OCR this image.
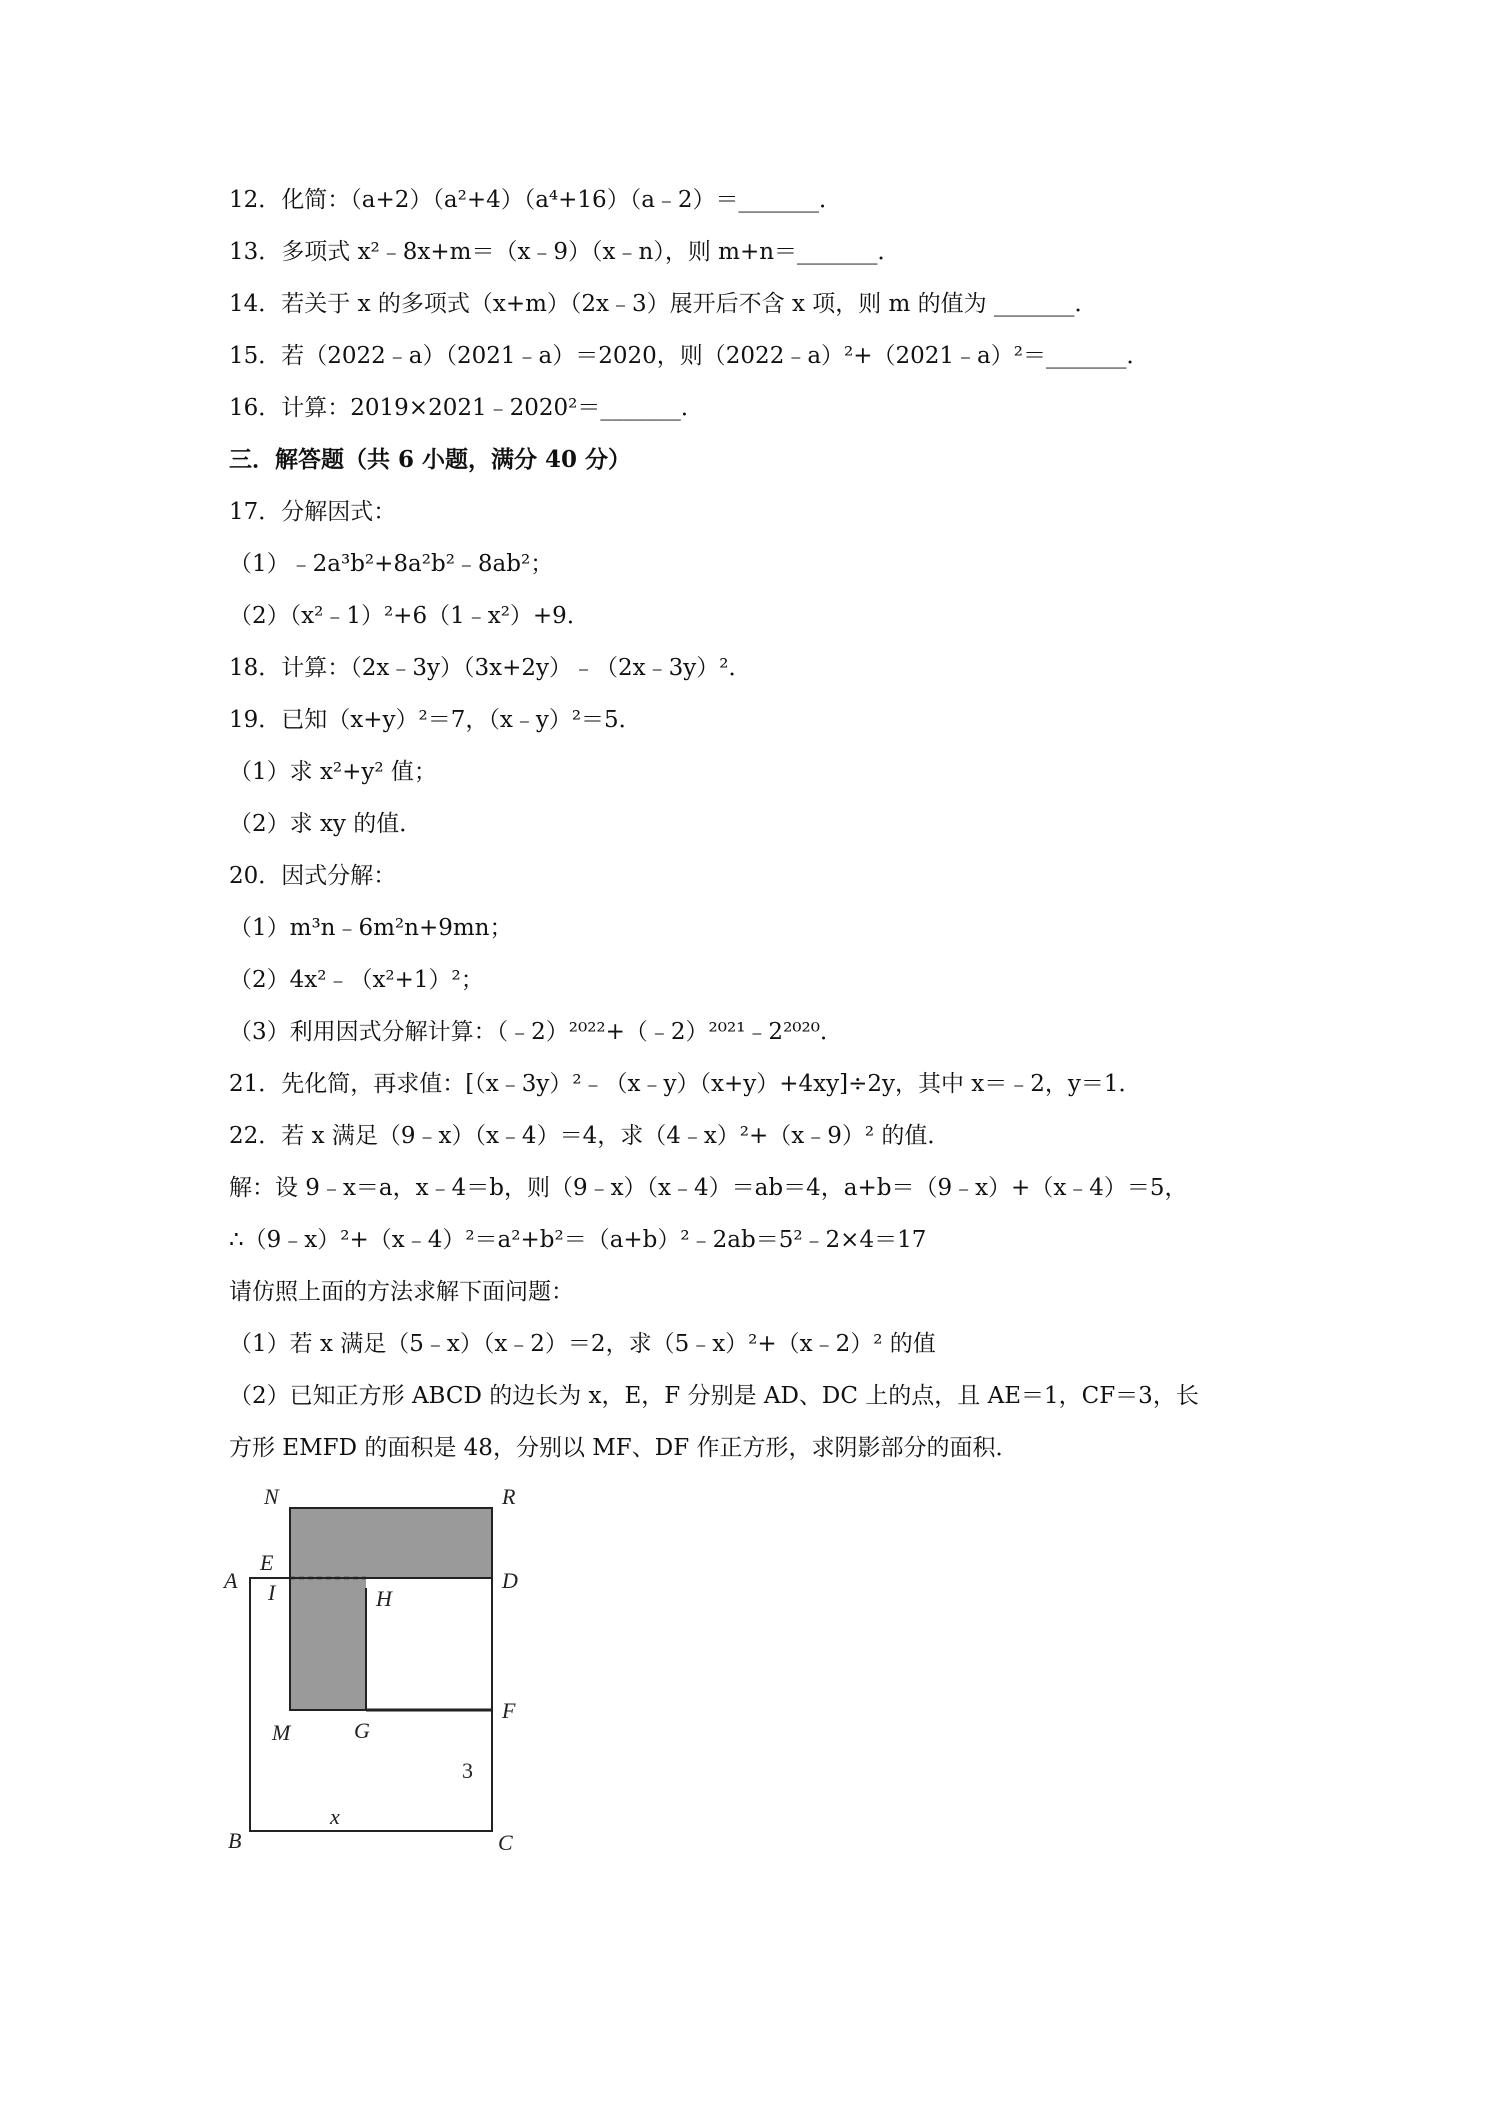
12．化简：（a+2）（a²+4）（a⁴+16）（a﹣2）＝_______．
13．多项式 x²﹣8x+m＝（x﹣9）（x﹣n），则 m+n＝_______．
14．若关于 x 的多项式（x+m）（2x﹣3）展开后不含 x 项，则 m 的值为 _______．
15．若（2022﹣a）（2021﹣a）＝2020，则（2022﹣a）²+（2021﹣a）²＝_______．
16．计算：2019×2021﹣2020²＝_______．
三．解答题（共 6 小题，满分 40 分）
17．分解因式：
（1）﹣2a³b²+8a²b²﹣8ab²；
（2）（x²﹣1）²+6（1﹣x²）+9．
18．计算：（2x﹣3y）（3x+2y）﹣（2x﹣3y）²．
19．已知（x+y）²＝7，（x﹣y）²＝5．
（1）求 x²+y² 值；
（2）求 xy 的值．
20．因式分解：
（1）m³n﹣6m²n+9mn；
（2）4x²﹣（x²+1）²；
（3）利用因式分解计算：（﹣2）²⁰²²+（﹣2）²⁰²¹﹣2²⁰²⁰．
21．先化简，再求值：[（x﹣3y）²﹣（x﹣y）（x+y）+4xy]÷2y，其中 x＝﹣2，y＝1．
22．若 x 满足（9﹣x）（x﹣4）＝4，求（4﹣x）²+（x﹣9）² 的值．
解：设 9﹣x＝a，x﹣4＝b，则（9﹣x）（x﹣4）＝ab＝4，a+b＝（9﹣x）+（x﹣4）＝5，
∴（9﹣x）²+（x﹣4）²＝a²+b²＝（a+b）²﹣2ab＝5²﹣2×4＝17
请仿照上面的方法求解下面问题：
（1）若 x 满足（5﹣x）（x﹣2）＝2，求（5﹣x）²+（x﹣2）² 的值
（2）已知正方形 ABCD 的边长为 x，E，F 分别是 AD、DC 上的点，且 AE＝1，CF＝3，长
方形 EMFD 的面积是 48，分别以 MF、DF 作正方形，求阴影部分的面积．
N	R
A
E
I	H
D
M	G
F
B	C
x
3
